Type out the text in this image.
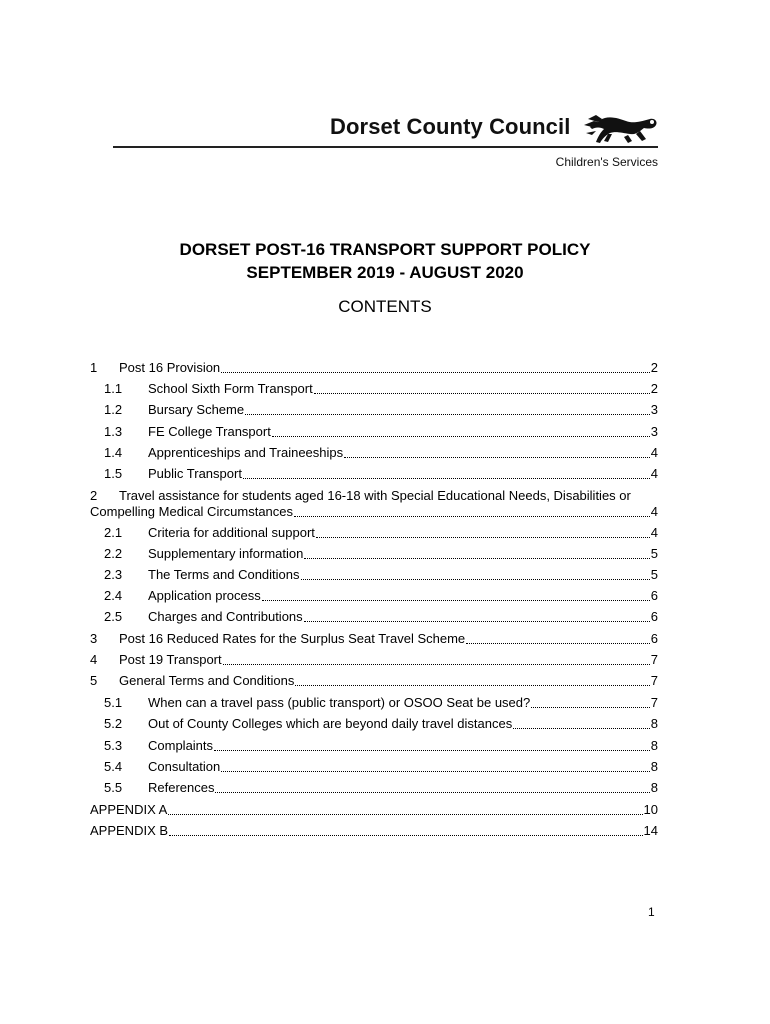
Dorset County Council
Children's Services
DORSET POST-16 TRANSPORT SUPPORT POLICY
SEPTEMBER 2019 - AUGUST 2020
CONTENTS
1	Post 16 Provision	2
1.1	School Sixth Form Transport	2
1.2	Bursary Scheme	3
1.3	FE College Transport	3
1.4	Apprenticeships and Traineeships	4
1.5	Public Transport	4
2	Travel assistance for students aged 16-18 with Special Educational Needs, Disabilities or
Compelling Medical Circumstances	4
2.1	Criteria for additional support	4
2.2	Supplementary information	5
2.3	The Terms and Conditions	5
2.4	Application process	6
2.5	Charges and Contributions	6
3	Post 16 Reduced Rates for the Surplus Seat Travel Scheme	6
4	Post 19 Transport	7
5	General Terms and Conditions	7
5.1	When can a travel pass (public transport) or OSOO Seat be used?	7
5.2	Out of County Colleges which are beyond daily travel distances	8
5.3	Complaints	8
5.4	Consultation	8
5.5	References	8
APPENDIX A	10
APPENDIX B	14
1
